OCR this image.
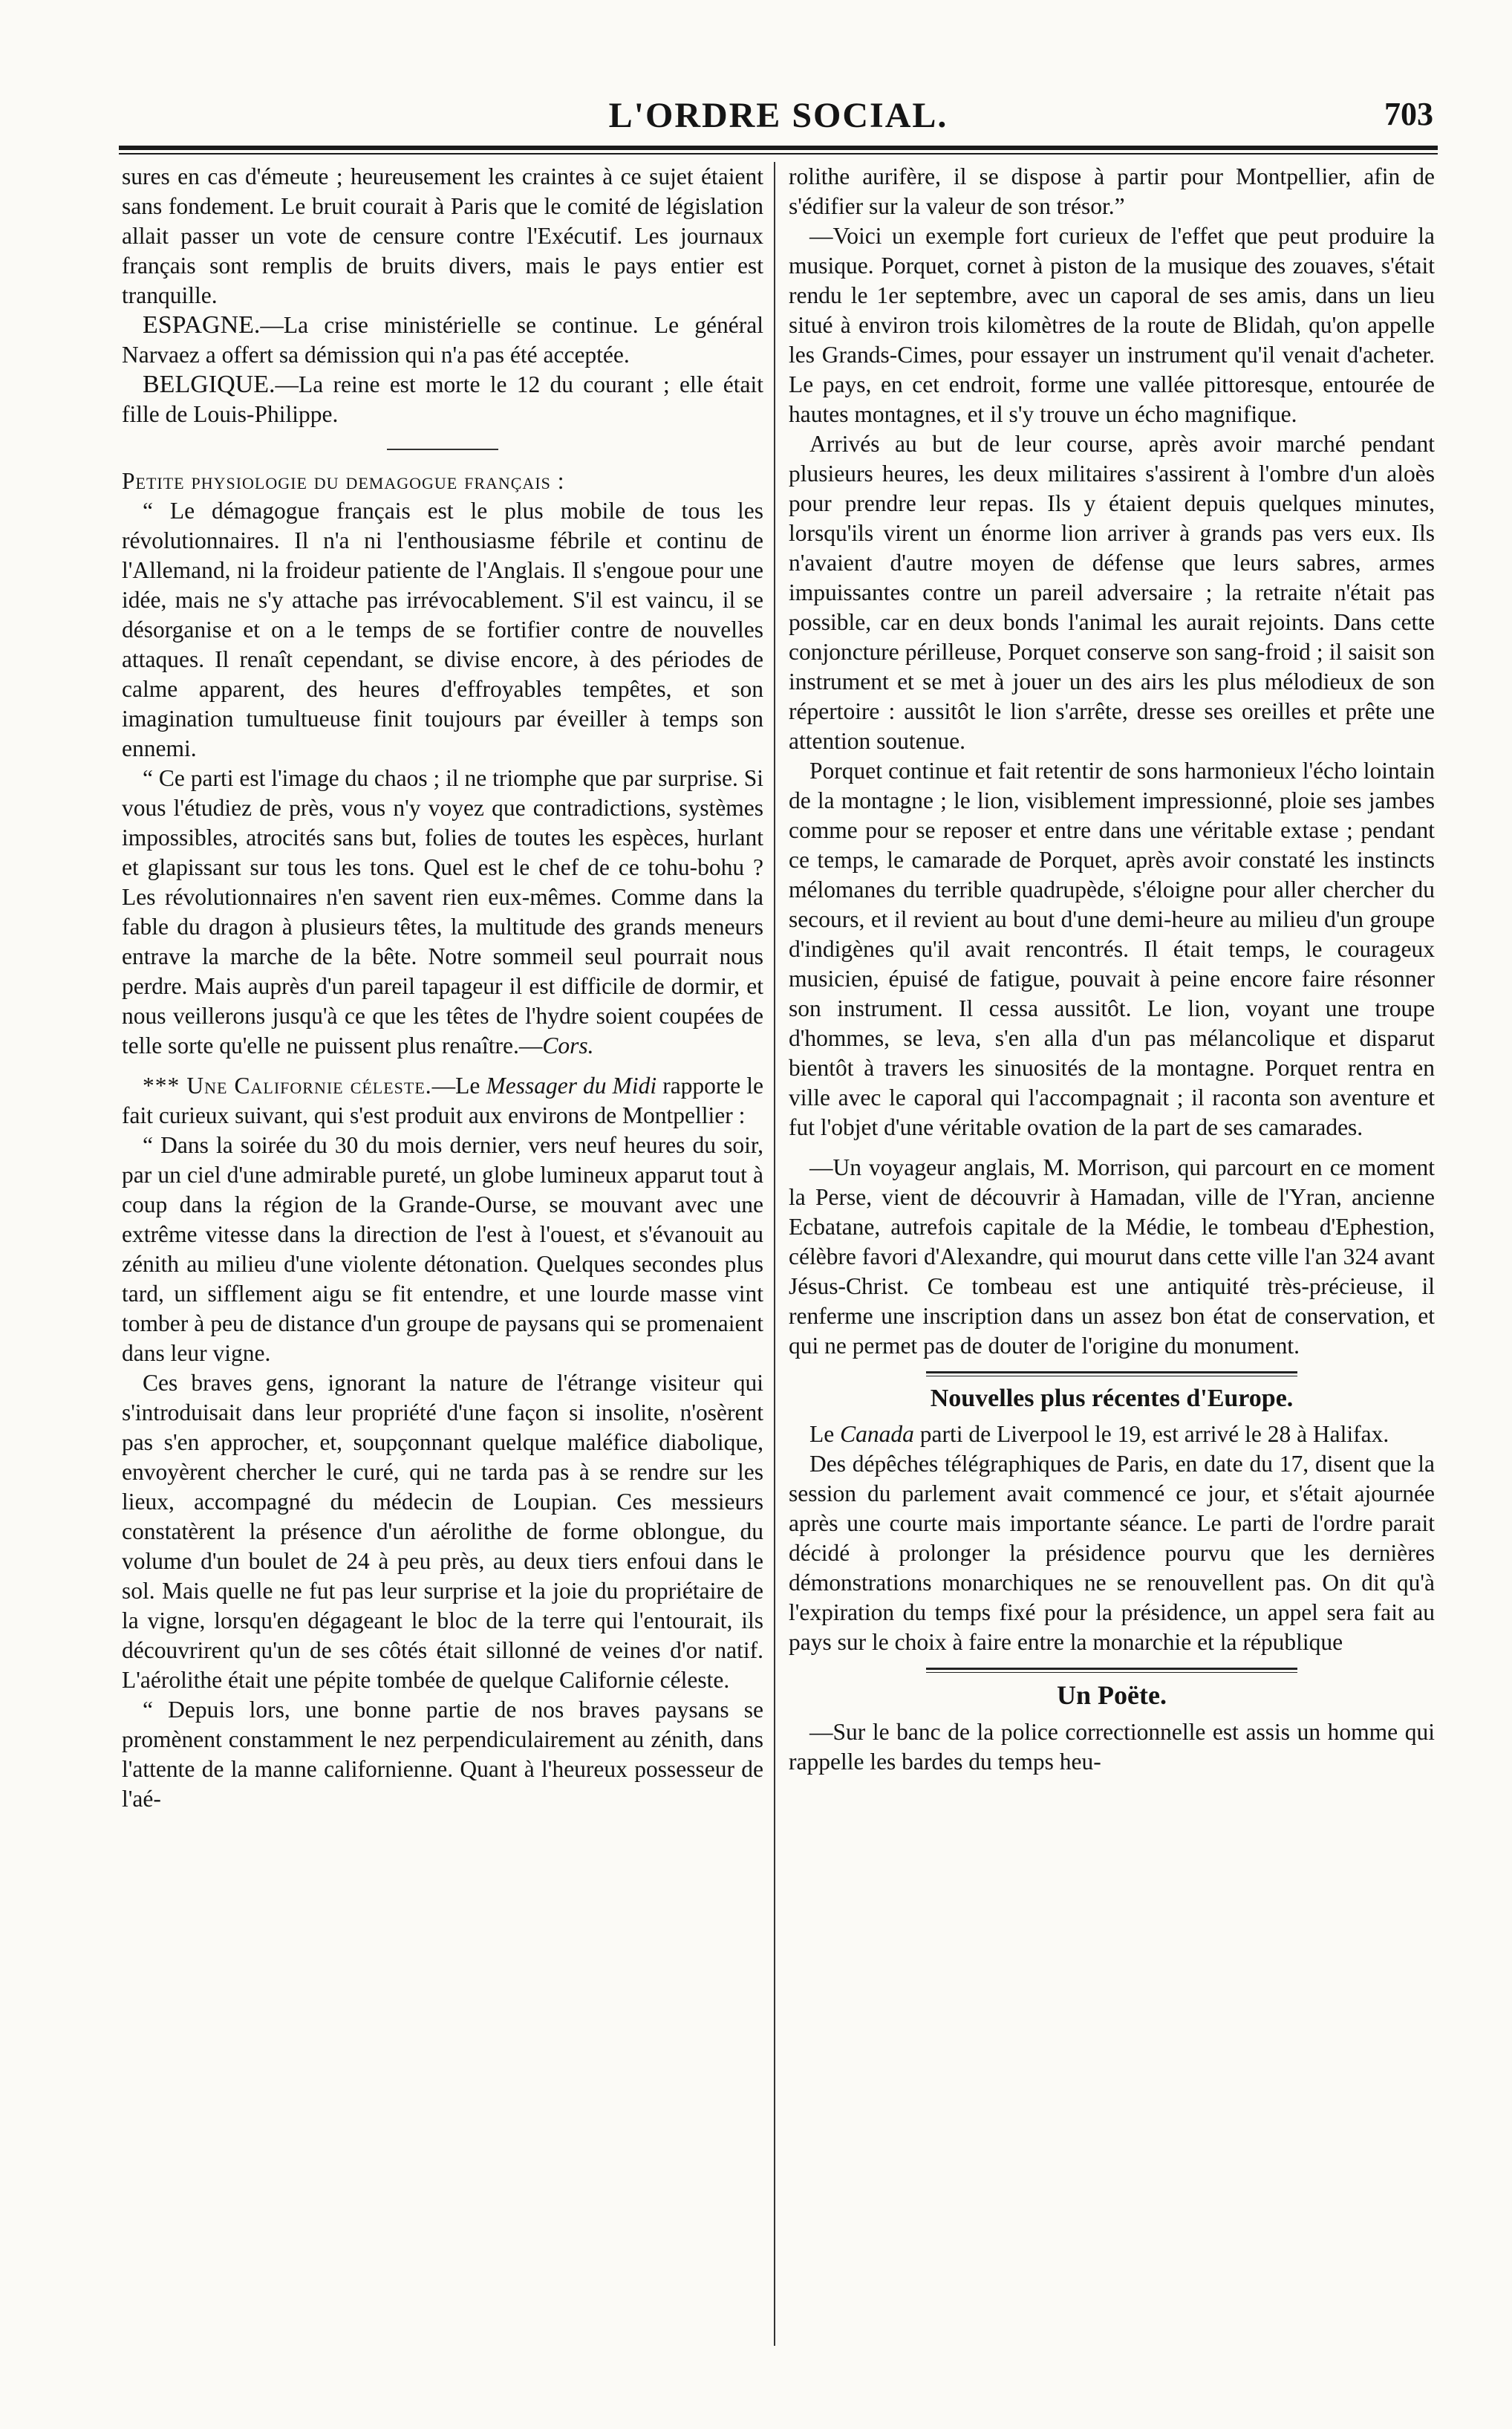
L'ORDRE SOCIAL.	703

sures en cas d'émeute ; heureusement les craintes à ce sujet étaient sans fondement. Le bruit courait à Paris que le comité de législation allait passer un vote de censure contre l'Exécutif. Les journaux français sont remplis de bruits divers, mais le pays entier est tranquille.

ESPAGNE.—La crise ministérielle se continue. Le général Narvaez a offert sa démission qui n'a pas été acceptée.

BELGIQUE.—La reine est morte le 12 du courant ; elle était fille de Louis-Philippe.

Petite physiologie du demagogue français :

“ Le démagogue français est le plus mobile de tous les révolutionnaires. Il n'a ni l'enthousiasme fébrile et continu de l'Allemand, ni la froideur patiente de l'Anglais. Il s'engoue pour une idée, mais ne s'y attache pas irrévocablement. S'il est vaincu, il se désorganise et on a le temps de se fortifier contre de nouvelles attaques. Il renaît cependant, se divise encore, à des périodes de calme apparent, des heures d'effroyables tempêtes, et son imagination tumultueuse finit toujours par éveiller à temps son ennemi.

“ Ce parti est l'image du chaos ; il ne triomphe que par surprise. Si vous l'étudiez de près, vous n'y voyez que contradictions, systèmes impossibles, atrocités sans but, folies de toutes les espèces, hurlant et glapissant sur tous les tons. Quel est le chef de ce tohu-bohu ? Les révolutionnaires n'en savent rien eux-mêmes. Comme dans la fable du dragon à plusieurs têtes, la multitude des grands meneurs entrave la marche de la bête. Notre sommeil seul pourrait nous perdre. Mais auprès d'un pareil tapageur il est difficile de dormir, et nous veillerons jusqu'à ce que les têtes de l'hydre soient coupées de telle sorte qu'elle ne puissent plus renaître.—Cors.

*** Une Californie céleste.—Le Messager du Midi rapporte le fait curieux suivant, qui s'est produit aux environs de Montpellier :

“ Dans la soirée du 30 du mois dernier, vers neuf heures du soir, par un ciel d'une admirable pureté, un globe lumineux apparut tout à coup dans la région de la Grande-Ourse, se mouvant avec une extrême vitesse dans la direction de l'est à l'ouest, et s'évanouit au zénith au milieu d'une violente détonation. Quelques secondes plus tard, un sifflement aigu se fit entendre, et une lourde masse vint tomber à peu de distance d'un groupe de paysans qui se promenaient dans leur vigne.

Ces braves gens, ignorant la nature de l'étrange visiteur qui s'introduisait dans leur propriété d'une façon si insolite, n'osèrent pas s'en approcher, et, soupçonnant quelque maléfice diabolique, envoyèrent chercher le curé, qui ne tarda pas à se rendre sur les lieux, accompagné du médecin de Loupian. Ces messieurs constatèrent la présence d'un aérolithe de forme oblongue, du volume d'un boulet de 24 à peu près, au deux tiers enfoui dans le sol. Mais quelle ne fut pas leur surprise et la joie du propriétaire de la vigne, lorsqu'en dégageant le bloc de la terre qui l'entourait, ils découvrirent qu'un de ses côtés était sillonné de veines d'or natif. L'aérolithe était une pépite tombée de quelque Californie céleste.

“ Depuis lors, une bonne partie de nos braves paysans se promènent constamment le nez perpendiculairement au zénith, dans l'attente de la manne californienne. Quant à l'heureux possesseur de l'aé-

rolithe aurifère, il se dispose à partir pour Montpellier, afin de s'édifier sur la valeur de son trésor.”

—Voici un exemple fort curieux de l'effet que peut produire la musique. Porquet, cornet à piston de la musique des zouaves, s'était rendu le 1er septembre, avec un caporal de ses amis, dans un lieu situé à environ trois kilomètres de la route de Blidah, qu'on appelle les Grands-Cimes, pour essayer un instrument qu'il venait d'acheter. Le pays, en cet endroit, forme une vallée pittoresque, entourée de hautes montagnes, et il s'y trouve un écho magnifique.

Arrivés au but de leur course, après avoir marché pendant plusieurs heures, les deux militaires s'assirent à l'ombre d'un aloès pour prendre leur repas. Ils y étaient depuis quelques minutes, lorsqu'ils virent un énorme lion arriver à grands pas vers eux. Ils n'avaient d'autre moyen de défense que leurs sabres, armes impuissantes contre un pareil adversaire ; la retraite n'était pas possible, car en deux bonds l'animal les aurait rejoints. Dans cette conjoncture périlleuse, Porquet conserve son sang-froid ; il saisit son instrument et se met à jouer un des airs les plus mélodieux de son répertoire : aussitôt le lion s'arrête, dresse ses oreilles et prête une attention soutenue.

Porquet continue et fait retentir de sons harmonieux l'écho lointain de la montagne ; le lion, visiblement impressionné, ploie ses jambes comme pour se reposer et entre dans une véritable extase ; pendant ce temps, le camarade de Porquet, après avoir constaté les instincts mélomanes du terrible quadrupède, s'éloigne pour aller chercher du secours, et il revient au bout d'une demi-heure au milieu d'un groupe d'indigènes qu'il avait rencontrés. Il était temps, le courageux musicien, épuisé de fatigue, pouvait à peine encore faire résonner son instrument. Il cessa aussitôt. Le lion, voyant une troupe d'hommes, se leva, s'en alla d'un pas mélancolique et disparut bientôt à travers les sinuosités de la montagne. Porquet rentra en ville avec le caporal qui l'accompagnait ; il raconta son aventure et fut l'objet d'une véritable ovation de la part de ses camarades.

—Un voyageur anglais, M. Morrison, qui parcourt en ce moment la Perse, vient de découvrir à Hamadan, ville de l'Yran, ancienne Ecbatane, autrefois capitale de la Médie, le tombeau d'Ephestion, célèbre favori d'Alexandre, qui mourut dans cette ville l'an 324 avant Jésus-Christ. Ce tombeau est une antiquité très-précieuse, il renferme une inscription dans un assez bon état de conservation, et qui ne permet pas de douter de l'origine du monument.

Nouvelles plus récentes d'Europe.

Le Canada parti de Liverpool le 19, est arrivé le 28 à Halifax.

Des dépêches télégraphiques de Paris, en date du 17, disent que la session du parlement avait commencé ce jour, et s'était ajournée après une courte mais importante séance. Le parti de l'ordre parait décidé à prolonger la présidence pourvu que les dernières démonstrations monarchiques ne se renouvellent pas. On dit qu'à l'expiration du temps fixé pour la présidence, un appel sera fait au pays sur le choix à faire entre la monarchie et la république

Un Poëte.

—Sur le banc de la police correctionnelle est assis un homme qui rappelle les bardes du temps heu-
